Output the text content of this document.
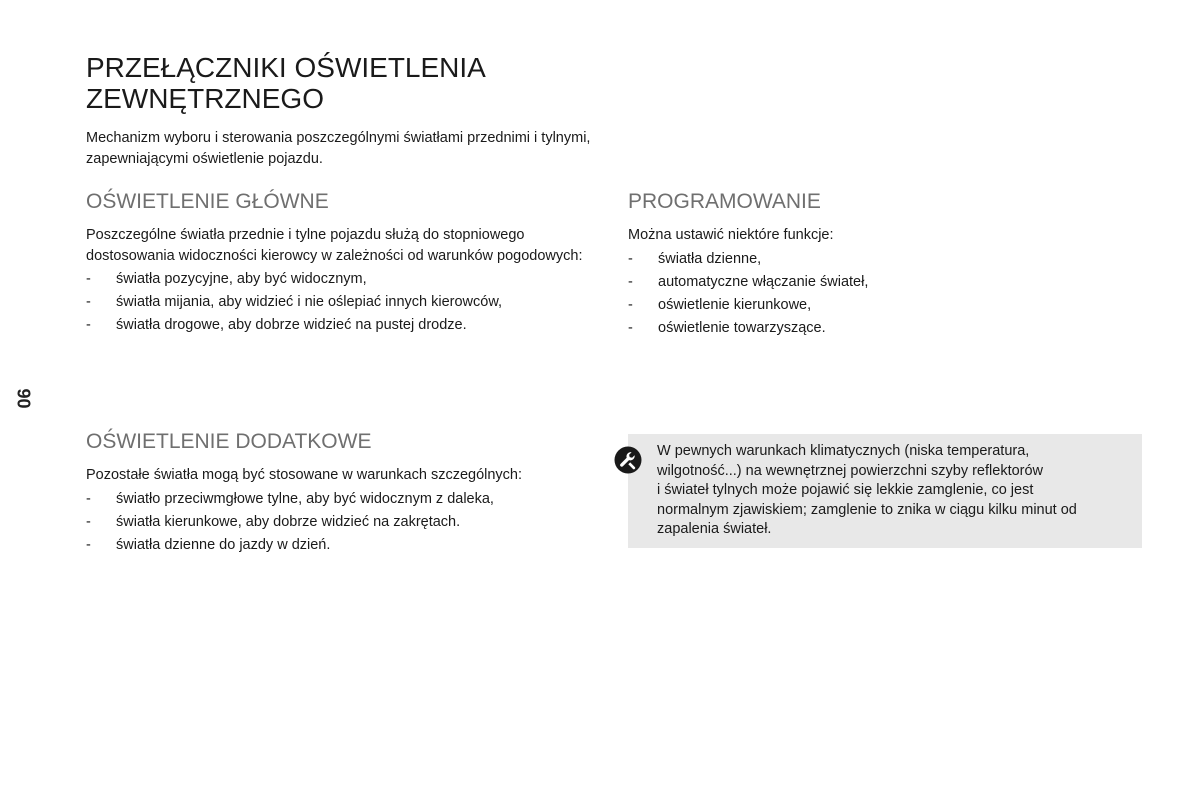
90
PRZEŁĄCZNIKI OŚWIETLENIA
ZEWNĘTRZNEGO

Mechanizm wyboru i sterowania poszczególnymi światłami przednimi i tylnymi, zapewniającymi oświetlenie pojazdu.

OŚWIETLENIE GŁÓWNE

Poszczególne światła przednie i tylne pojazdu służą do stopniowego dostosowania widoczności kierowcy w zależności od warunków pogodowych:

- światła pozycyjne, aby być widocznym,
- światła mijania, aby widzieć i nie oślepiać innych kierowców,
- światła drogowe, aby dobrze widzieć na pustej drodze.
OŚWIETLENIE DODATKOWE

Pozostałe światła mogą być stosowane w warunkach szczególnych:

- światło przeciwmgłowe tylne, aby być widocznym z daleka,
- światła kierunkowe, aby dobrze widzieć na zakrętach.
- światła dzienne do jazdy w dzień.
PROGRAMOWANIE

Można ustawić niektóre funkcje:

- światła dzienne,
- automatyczne włączanie świateł,
- oświetlenie kierunkowe,
- oświetlenie towarzyszące.

W pewnych warunkach klimatycznych (niska temperatura,
wilgotność...) na wewnętrznej powierzchni szyby reflektorów
i świateł tylnych może pojawić się lekkie zamglenie, co jest
normalnym zjawiskiem; zamglenie to znika w ciągu kilku minut od
zapalenia świateł.
